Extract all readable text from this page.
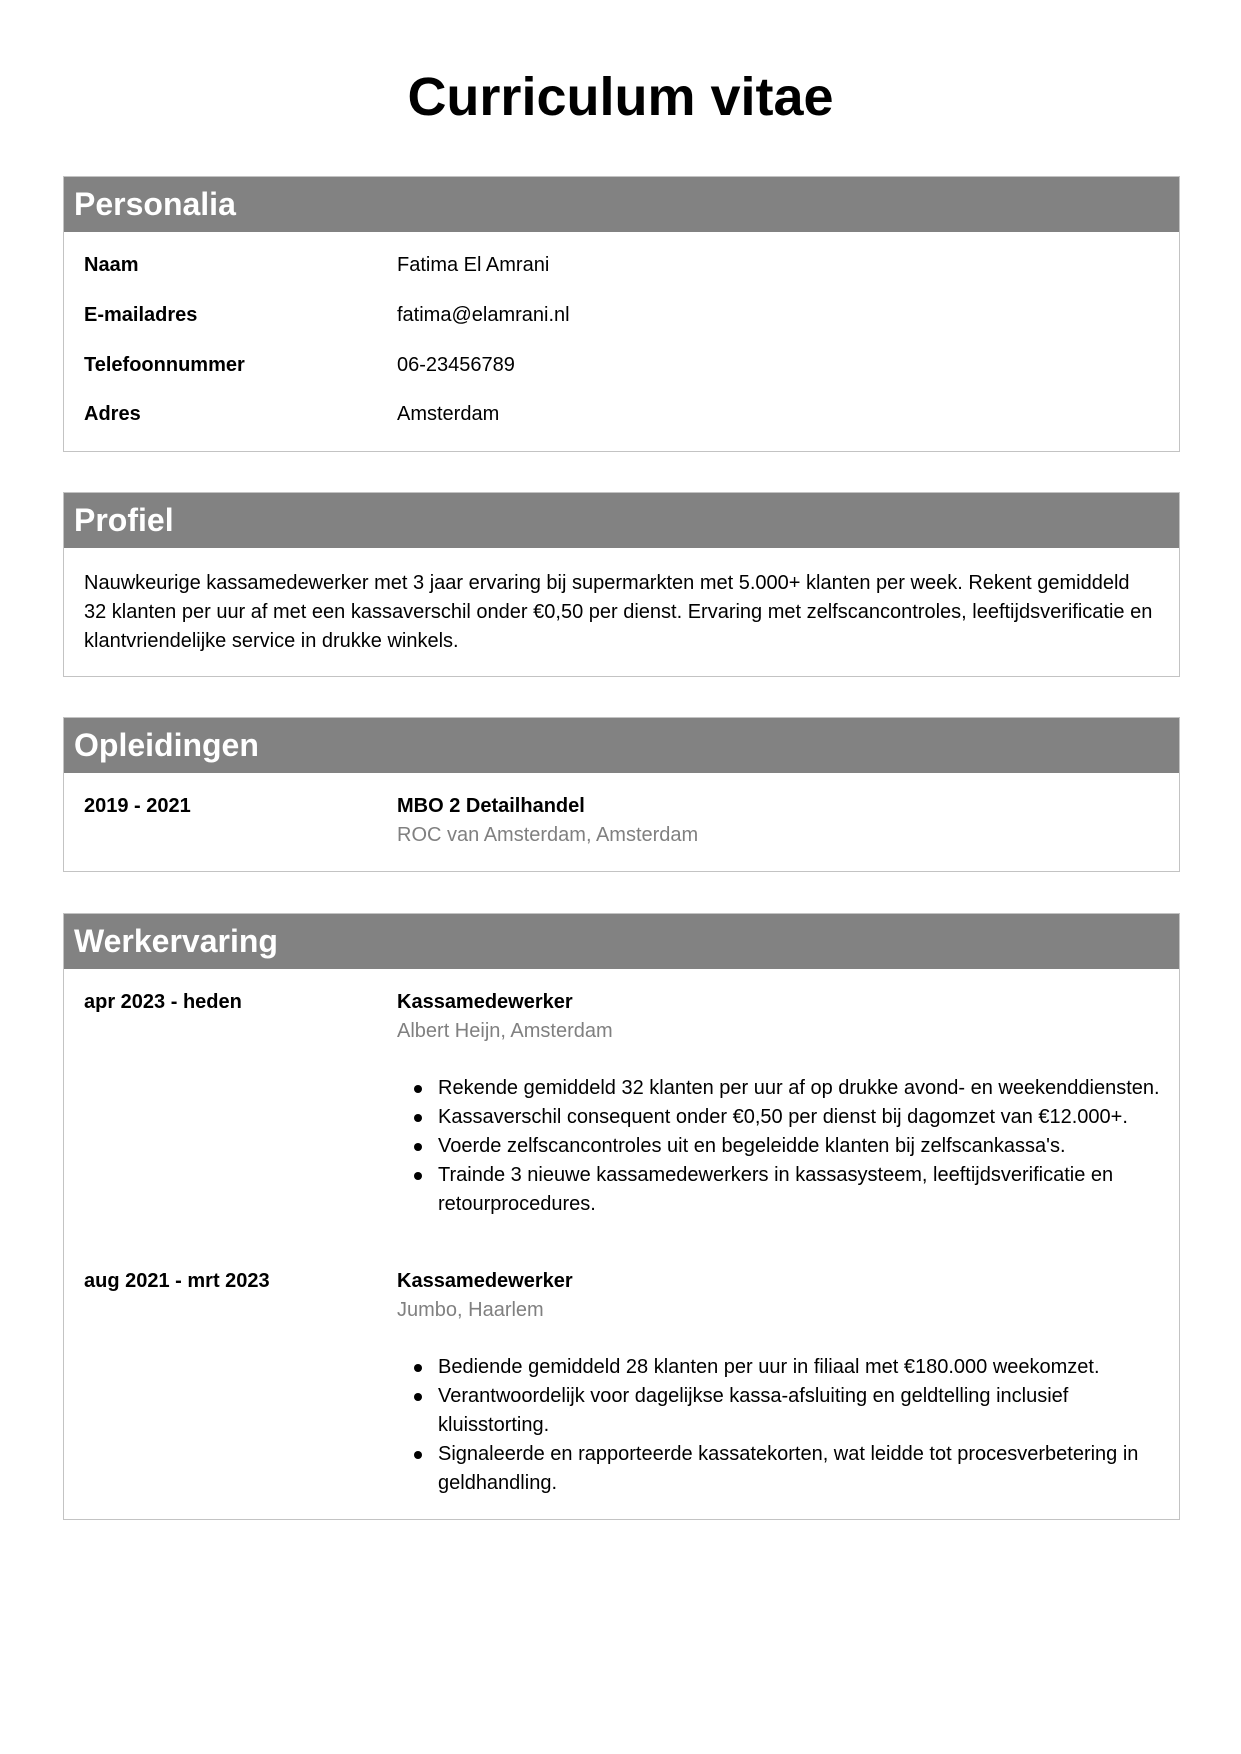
Curriculum vitae
Personalia
Naam	Fatima El Amrani
E-mailadres	fatima@elamrani.nl
Telefoonnummer	06-23456789
Adres	Amsterdam
Profiel
Nauwkeurige kassamedewerker met 3 jaar ervaring bij supermarkten met 5.000+ klanten per week. Rekent gemiddeld 32 klanten per uur af met een kassaverschil onder €0,50 per dienst. Ervaring met zelfscancontroles, leeftijdsverificatie en klantvriendelijke service in drukke winkels.
Opleidingen
2019 - 2021	MBO 2 Detailhandel
ROC van Amsterdam, Amsterdam
Werkervaring
apr 2023 - heden	Kassamedewerker
Albert Heijn, Amsterdam
Rekende gemiddeld 32 klanten per uur af op drukke avond- en weekenddiensten.
Kassaverschil consequent onder €0,50 per dienst bij dagomzet van €12.000+.
Voerde zelfscancontroles uit en begeleidde klanten bij zelfscankassa's.
Trainde 3 nieuwe kassamedewerkers in kassasysteem, leeftijdsverificatie en retourprocedures.
aug 2021 - mrt 2023	Kassamedewerker
Jumbo, Haarlem
Bediende gemiddeld 28 klanten per uur in filiaal met €180.000 weekomzet.
Verantwoordelijk voor dagelijkse kassa-afsluiting en geldtelling inclusief kluisstorting.
Signaleerde en rapporteerde kassatekorten, wat leidde tot procesverbetering in geldhandling.
